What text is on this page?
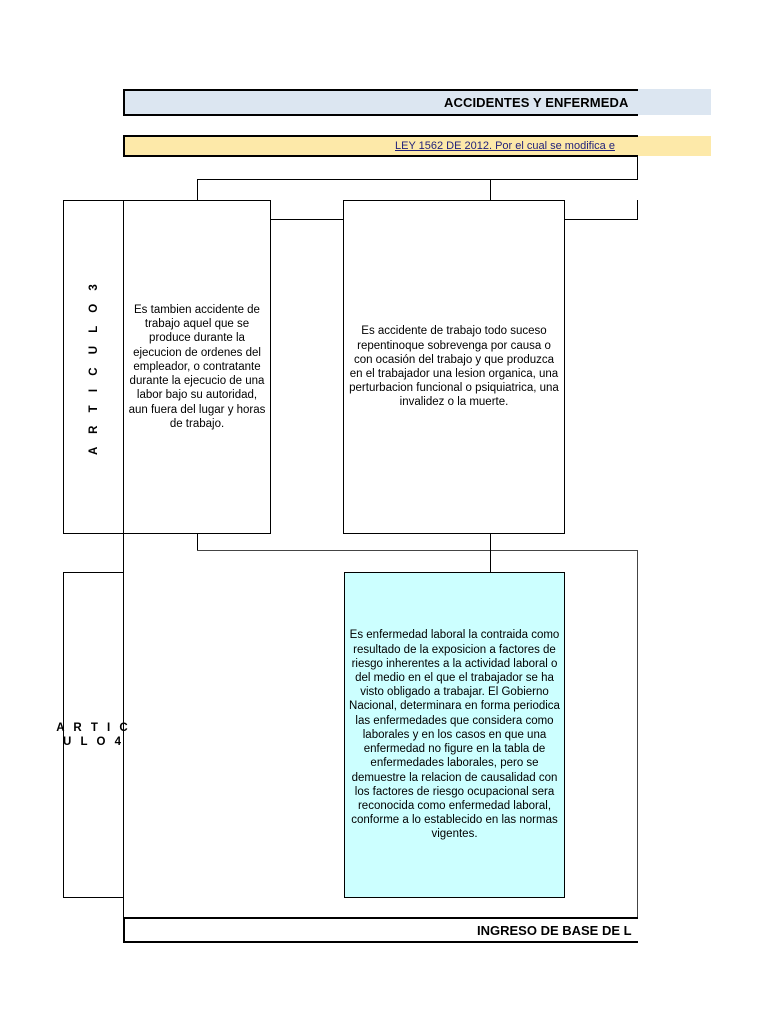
ACCIDENTES Y ENFERMEDA
LEY 1562 DE 2012. Por el cual se modifica e
A R T I C U L O 3	Es tambien accidente de trabajo aquel que se produce durante la ejecucion de ordenes del empleador, o contratante durante la ejecucio de una labor bajo su autoridad, aun fuera del lugar y horas de trabajo.
Es accidente de trabajo todo suceso repentinoque sobrevenga por causa o con ocasión del trabajo y que produzca en el trabajador una lesion organica, una perturbacion funcional o psiquiatrica, una invalidez o la muerte.
A R T I C
U L O 4
Es enfermedad laboral la contraida como resultado de la exposicion a factores de riesgo inherentes a la actividad laboral o del medio en el que el trabajador se ha visto obligado a trabajar. El Gobierno Nacional, determinara en forma periodica las enfermedades que considera como laborales y en los casos en que una enfermedad no figure en la tabla de enfermedades laborales, pero se demuestre la relacion de causalidad con los factores de riesgo ocupacional sera reconocida como enfermedad laboral, conforme a lo establecido en las normas vigentes.
INGRESO DE BASE DE L
